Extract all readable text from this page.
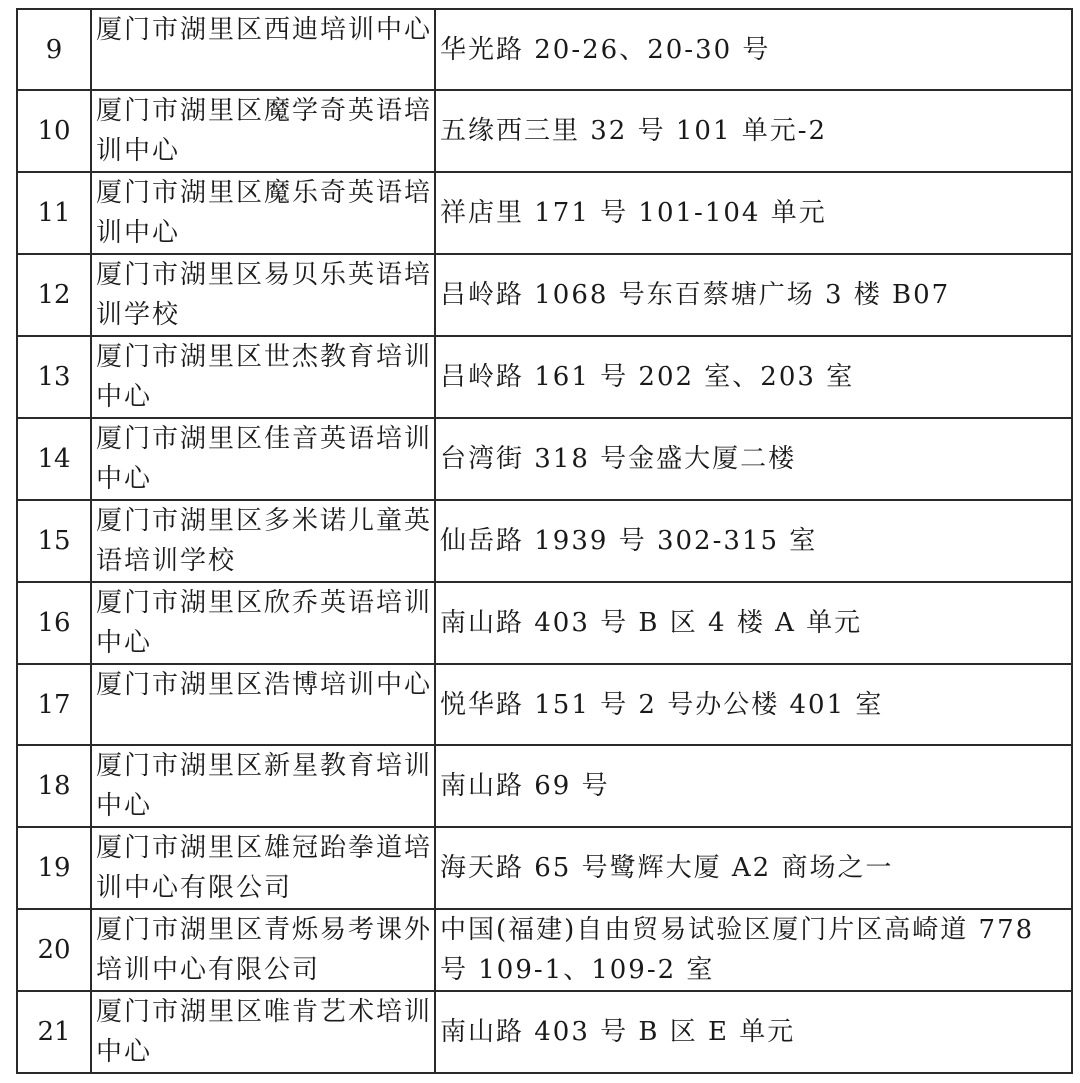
9	厦门市湖里区西迪培训中心	华光路 20-26、20-30 号
10	厦门市湖里区魔学奇英语培训中心	五缘西三里 32 号 101 单元-2
11	厦门市湖里区魔乐奇英语培训中心	祥店里 171 号 101-104 单元
12	厦门市湖里区易贝乐英语培训学校	吕岭路 1068 号东百蔡塘广场 3 楼 B07
13	厦门市湖里区世杰教育培训中心	吕岭路 161 号 202 室、203 室
14	厦门市湖里区佳音英语培训中心	台湾街 318 号金盛大厦二楼
15	厦门市湖里区多米诺儿童英语培训学校	仙岳路 1939 号 302-315 室
16	厦门市湖里区欣乔英语培训中心	南山路 403 号 B 区 4 楼 A 单元
17	厦门市湖里区浩博培训中心	悦华路 151 号 2 号办公楼 401 室
18	厦门市湖里区新星教育培训中心	南山路 69 号
19	厦门市湖里区雄冠跆拳道培训中心有限公司	海天路 65 号鹭辉大厦 A2 商场之一
20	厦门市湖里区青烁易考课外培训中心有限公司	中国(福建)自由贸易试验区厦门片区高崎道 778 号 109-1、109-2 室
21	厦门市湖里区唯肯艺术培训中心	南山路 403 号 B 区 E 单元
